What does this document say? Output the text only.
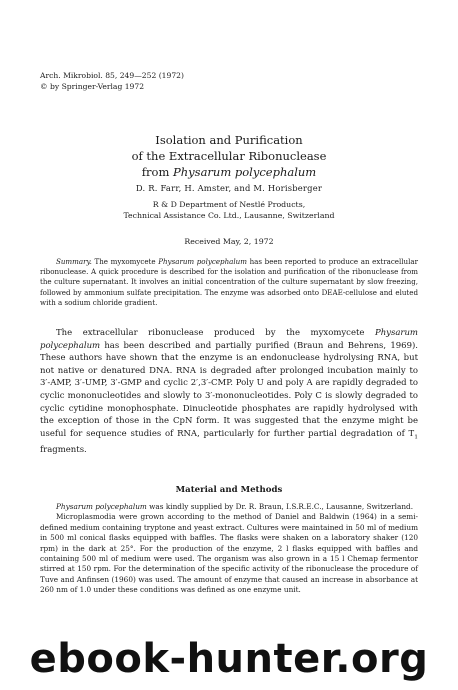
Arch. Mikrobiol. 85, 249—252 (1972)
© by Springer-Verlag 1972
Isolation and Purification
of the Extracellular Ribonuclease
from Physarum polycephalum
D. R. Farr, H. Amster, and M. Horisberger
R & D Department of Nestlé Products,
Technical Assistance Co. Ltd., Lausanne, Switzerland
Received May, 2, 1972
Summary. The myxomycete Physarum polycephalum has been reported to produce an extracellular ribonuclease. A quick procedure is described for the isolation and purification of the ribonuclease from the culture supernatant. It involves an initial concentration of the culture supernatant by slow freezing, followed by ammonium sulfate precipitation. The enzyme was adsorbed onto DEAE-cellulose and eluted with a sodium chloride gradient.
The extracellular ribonuclease produced by the myxomycete Physarum polycephalum has been described and partially purified (Braun and Behrens, 1969). These authors have shown that the enzyme is an endonuclease hydrolysing RNA, but not native or denatured DNA. RNA is degraded after prolonged incubation mainly to 3′-AMP, 3′-UMP, 3′-GMP and cyclic 2′,3′-CMP. Poly U and poly A are rapidly degraded to cyclic mononucleotides and slowly to 3′-mononucleotides. Poly C is slowly degraded to cyclic cytidine monophosphate. Dinucleotide phosphates are rapidly hydrolysed with the exception of those in the CpN form. It was suggested that the enzyme might be useful for sequence studies of RNA, particularly for further partial degradation of $T_1$ fragments.
Material and Methods

Physarum polycephalum was kindly supplied by Dr. R. Braun, I.S.R.E.C., Lausanne, Switzerland.

Microplasmodia were grown according to the method of Daniel and Baldwin (1964) in a semi-defined medium containing tryptone and yeast extract. Cultures were maintained in 50 ml of medium in 500 ml conical flasks equipped with baffles. The flasks were shaken on a laboratory shaker (120 rpm) in the dark at 25°. For the production of the enzyme, 2 l flasks equipped with baffles and containing 500 ml of medium were used. The organism was also grown in a 15 l Chemap fermentor stirred at 150 rpm. For the determination of the specific activity of the ribonuclease the procedure of Tuve and Anfinsen (1960) was used. The amount of enzyme that caused an increase in absorbance at 260 nm of 1.0 under these conditions was defined as one enzyme unit.

ebook-hunter.org
